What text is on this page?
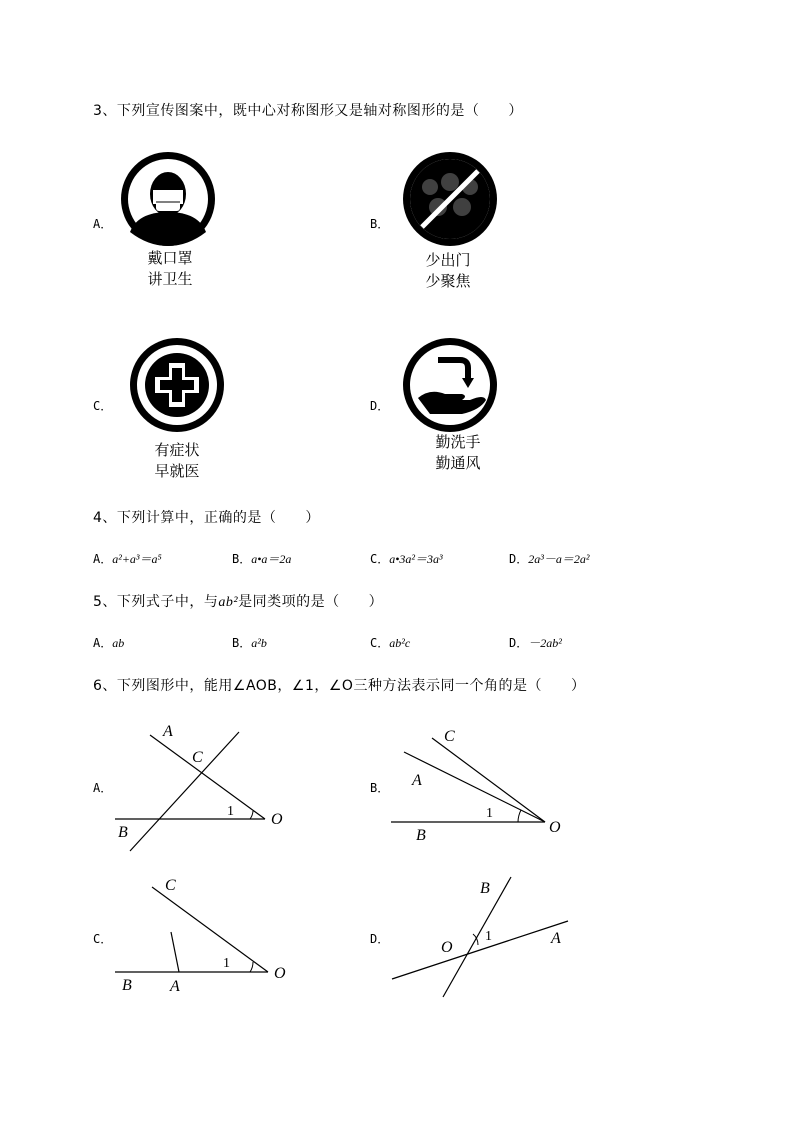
3、下列宣传图案中，既中心对称图形又是轴对称图形的是（　　）
A．
戴口罩
讲卫生
B．
少出门
少聚焦
C．
有症状
早就医
D．
勤洗手
勤通风
4、下列计算中，正确的是（　　）
A．a²+a³＝a⁵	B．a•a＝2a	C．a•3a²＝3a³	D．2a³－a＝2a²
5、下列式子中，与ab²是同类项的是（　　）
A．ab	B．a²b	C．ab²c	D．－2ab²
6、下列图形中，能用∠AOB，∠1，∠O三种方法表示同一个角的是（　　）
A．
A
C
B
O
1
B．
C
A
B	O
1
C．
C
B A
O
1
D．
B
A
O
1
